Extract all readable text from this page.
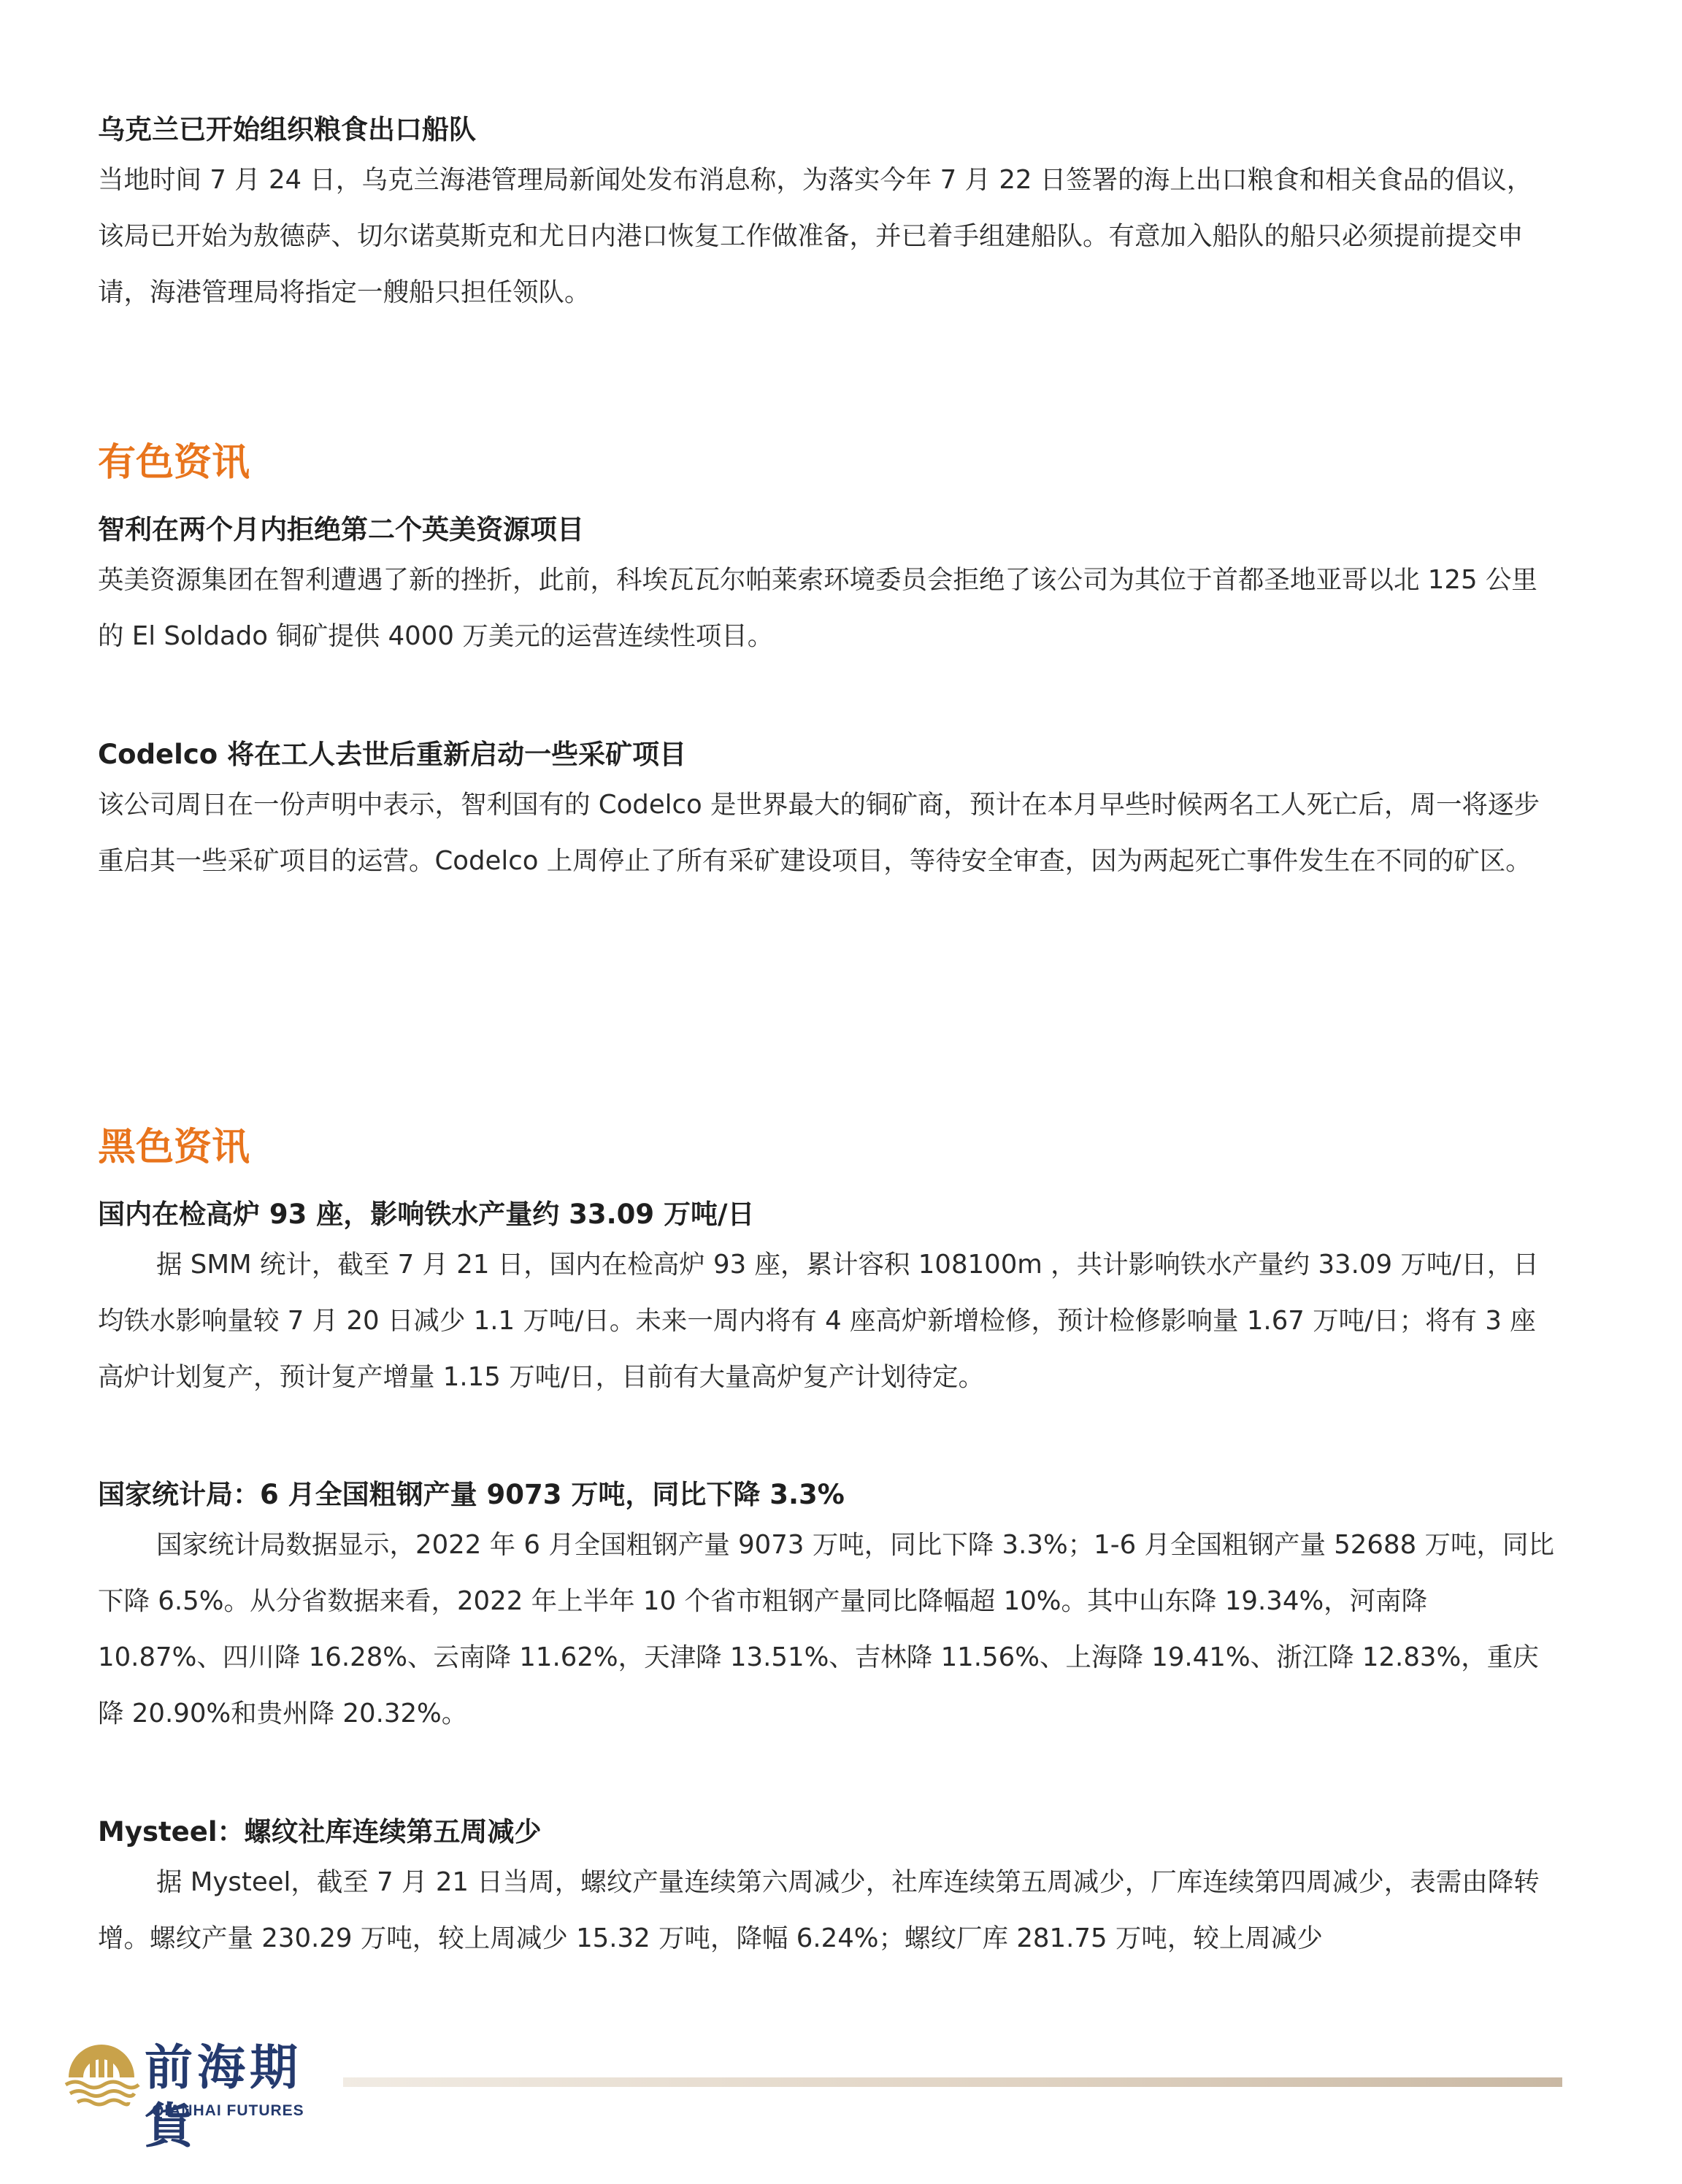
乌克兰已开始组织粮食出口船队

当地时间 7 月 24 日，乌克兰海港管理局新闻处发布消息称，为落实今年 7 月 22 日签署的海上出口粮食和相关食品的倡议，该局已开始为敖德萨、切尔诺莫斯克和尤日内港口恢复工作做准备，并已着手组建船队。有意加入船队的船只必须提前提交申请，海港管理局将指定一艘船只担任领队。

有色资讯
智利在两个月内拒绝第二个英美资源项目

英美资源集团在智利遭遇了新的挫折，此前，科埃瓦瓦尔帕莱索环境委员会拒绝了该公司为其位于首都圣地亚哥以北 125 公里的 El Soldado 铜矿提供 4000 万美元的运营连续性项目。

Codelco 将在工人去世后重新启动一些采矿项目

该公司周日在一份声明中表示，智利国有的 Codelco 是世界最大的铜矿商，预计在本月早些时候两名工人死亡后，周一将逐步重启其一些采矿项目的运营。Codelco 上周停止了所有采矿建设项目，等待安全审查，因为两起死亡事件发生在不同的矿区。

黑色资讯
国内在检高炉 93 座，影响铁水产量约 33.09 万吨/日

据 SMM 统计，截至 7 月 21 日，国内在检高炉 93 座，累计容积 108100m ，共计影响铁水产量约 33.09 万吨/日，日均铁水影响量较 7 月 20 日减少 1.1 万吨/日。未来一周内将有 4 座高炉新增检修，预计检修影响量 1.67 万吨/日；将有 3 座高炉计划复产，预计复产增量 1.15 万吨/日，目前有大量高炉复产计划待定。

国家统计局：6 月全国粗钢产量 9073 万吨，同比下降 3.3%

国家统计局数据显示，2022 年 6 月全国粗钢产量 9073 万吨，同比下降 3.3%；1-6 月全国粗钢产量 52688 万吨，同比下降 6.5%。从分省数据来看，2022 年上半年 10 个省市粗钢产量同比降幅超 10%。其中山东降 19.34%，河南降 10.87%、四川降 16.28%、云南降 11.62%，天津降 13.51%、吉林降 11.56%、上海降 19.41%、浙江降 12.83%，重庆降 20.90%和贵州降 20.32%。

Mysteel：螺纹社库连续第五周减少

据 Mysteel，截至 7 月 21 日当周，螺纹产量连续第六周减少，社库连续第五周减少，厂库连续第四周减少，表需由降转增。螺纹产量 230.29 万吨，较上周减少 15.32 万吨，降幅 6.24%；螺纹厂库 281.75 万吨，较上周减少

前海期貨
QIANHAI FUTURES
